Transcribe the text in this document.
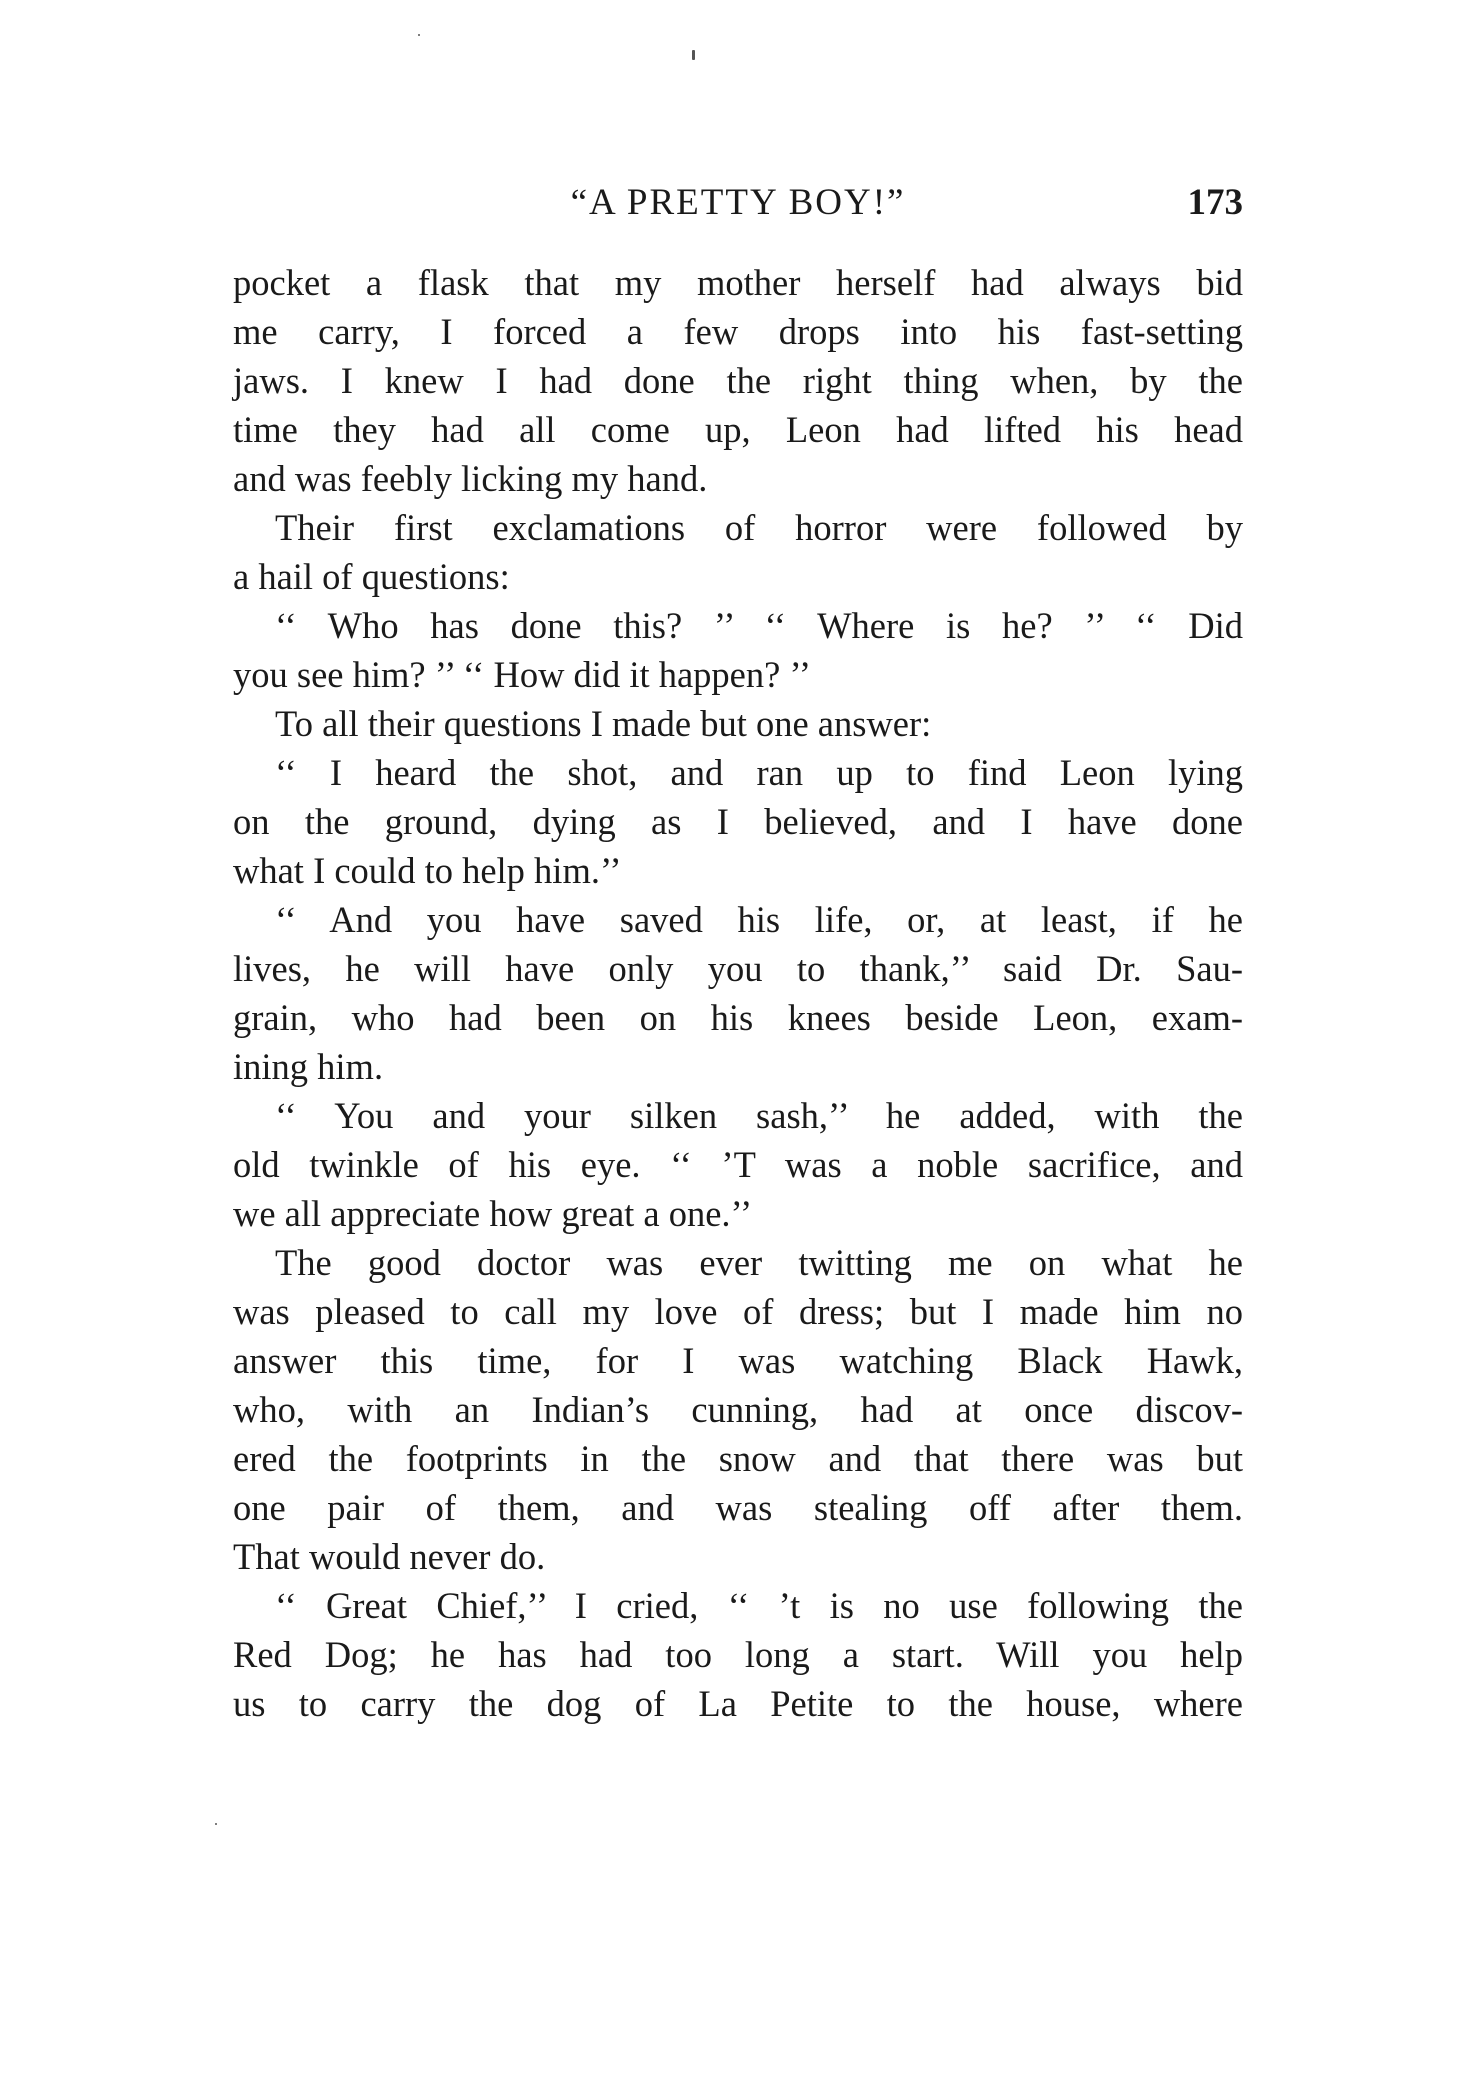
“A PRETTY BOY!”	173
pocket a flask that my mother herself had always bid
me carry, I forced a few drops into his fast-setting
jaws. I knew I had done the right thing when, by the
time they had all come up, Leon had lifted his head
and was feebly licking my hand.
Their first exclamations of horror were followed by
a hail of questions:
‘‘ Who has done this? ’’ ‘‘ Where is he? ’’ ‘‘ Did
you see him? ’’ ‘‘ How did it happen? ’’
To all their questions I made but one answer:
‘‘ I heard the shot, and ran up to find Leon lying
on the ground, dying as I believed, and I have done
what I could to help him.’’
‘‘ And you have saved his life, or, at least, if he
lives, he will have only you to thank,’’ said Dr. Sau-
grain, who had been on his knees beside Leon, exam-
ining him.
‘‘ You and your silken sash,’’ he added, with the
old twinkle of his eye. ‘‘ ’T was a noble sacrifice, and
we all appreciate how great a one.’’
The good doctor was ever twitting me on what he
was pleased to call my love of dress; but I made him no
answer this time, for I was watching Black Hawk,
who, with an Indian’s cunning, had at once discov-
ered the footprints in the snow and that there was but
one pair of them, and was stealing off after them.
That would never do.
‘‘ Great Chief,’’ I cried, ‘‘ ’t is no use following the
Red Dog; he has had too long a start. Will you help
us to carry the dog of La Petite to the house, where
